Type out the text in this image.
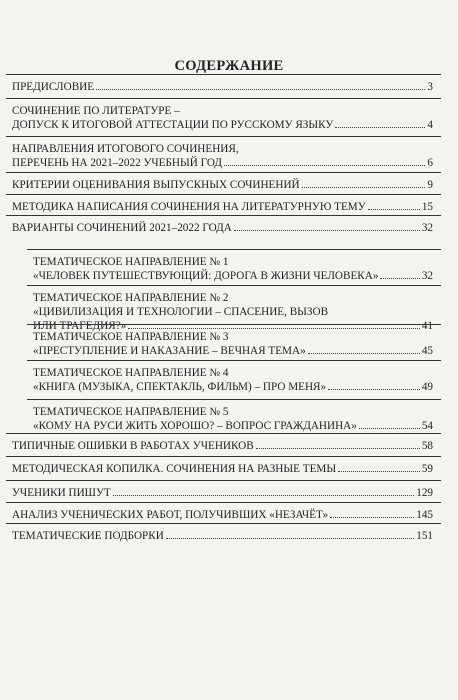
СОДЕРЖАНИЕ
ПРЕДИСЛОВИЕ	3
СОЧИНЕНИЕ ПО ЛИТЕРАТУРЕ –
ДОПУСК К ИТОГОВОЙ АТТЕСТАЦИИ ПО РУССКОМУ ЯЗЫКУ	4
НАПРАВЛЕНИЯ ИТОГОВОГО СОЧИНЕНИЯ,
ПЕРЕЧЕНЬ НА 2021–2022 УЧЕБНЫЙ ГОД	6
КРИТЕРИИ ОЦЕНИВАНИЯ ВЫПУСКНЫХ СОЧИНЕНИЙ	9
МЕТОДИКА НАПИСАНИЯ СОЧИНЕНИЯ НА ЛИТЕРАТУРНУЮ ТЕМУ	15
ВАРИАНТЫ СОЧИНЕНИЙ 2021–2022 ГОДА	32
ТЕМАТИЧЕСКОЕ НАПРАВЛЕНИЕ № 1
«ЧЕЛОВЕК ПУТЕШЕСТВУЮЩИЙ: ДОРОГА В ЖИЗНИ ЧЕЛОВЕКА»	32
ТЕМАТИЧЕСКОЕ НАПРАВЛЕНИЕ № 2
«ЦИВИЛИЗАЦИЯ И ТЕХНОЛОГИИ – СПАСЕНИЕ, ВЫЗОВ
ИЛИ ТРАГЕДИЯ?»	41
ТЕМАТИЧЕСКОЕ НАПРАВЛЕНИЕ № 3
«ПРЕСТУПЛЕНИЕ И НАКАЗАНИЕ – ВЕЧНАЯ ТЕМА»	45
ТЕМАТИЧЕСКОЕ НАПРАВЛЕНИЕ № 4
«КНИГА (МУЗЫКА, СПЕКТАКЛЬ, ФИЛЬМ) – ПРО МЕНЯ»	49
ТЕМАТИЧЕСКОЕ НАПРАВЛЕНИЕ № 5
«КОМУ НА РУСИ ЖИТЬ ХОРОШО? – ВОПРОС ГРАЖДАНИНА»	54
ТИПИЧНЫЕ ОШИБКИ В РАБОТАХ УЧЕНИКОВ	58
МЕТОДИЧЕСКАЯ КОПИЛКА. СОЧИНЕНИЯ НА РАЗНЫЕ ТЕМЫ	59
УЧЕНИКИ ПИШУТ	129
АНАЛИЗ УЧЕНИЧЕСКИХ РАБОТ, ПОЛУЧИВШИХ «НЕЗАЧЁТ»	145
ТЕМАТИЧЕСКИЕ ПОДБОРКИ	151
